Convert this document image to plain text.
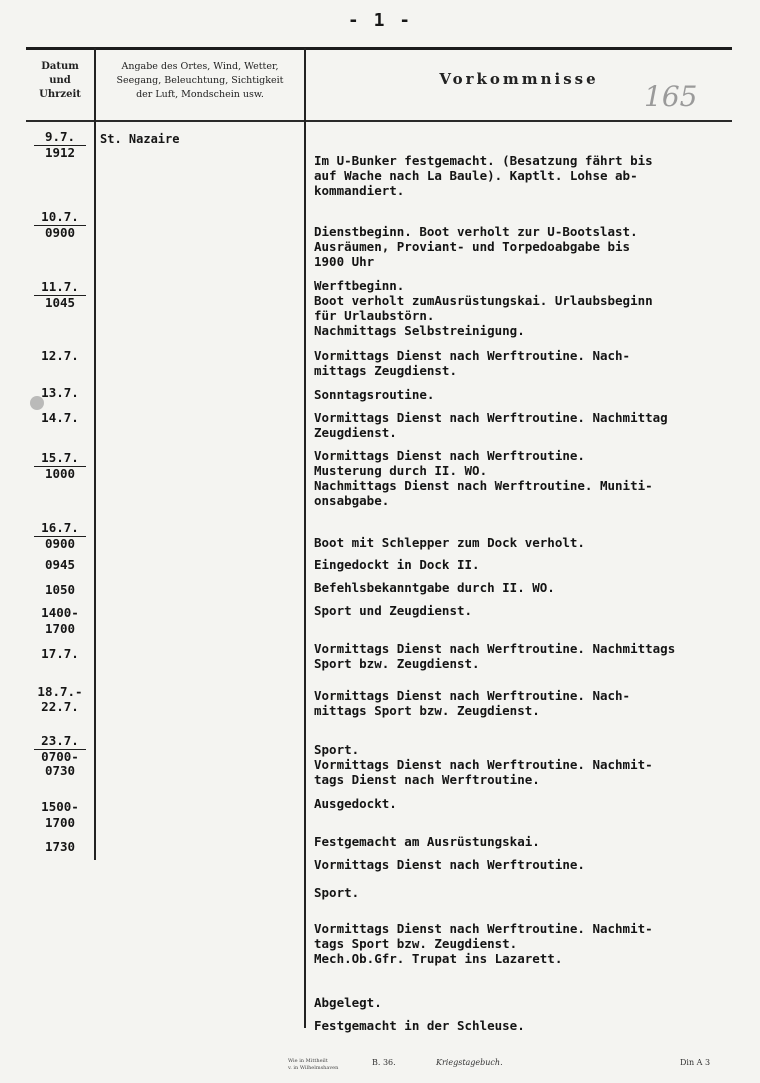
- 1 -
Datum
und
Uhrzeit
Angabe des Ortes, Wind, Wetter,
Seegang, Beleuchtung, Sichtigkeit
der Luft, Mondschein usw.
Vorkommnisse
165
St. Nazaire
9.7.
1912
10.7.
0900
11.7.
1045
12.7.
13.7.
14.7.
15.7.
1000
16.7.
0900
0945
1050
1400-
1700
17.7.
18.7.-
22.7.
23.7.
0700-
0730
1500-
1700
1730
Im U-Bunker festgemacht. (Besatzung fährt bis
auf Wache nach La Baule). Kaptlt. Lohse ab-
kommandiert.
Dienstbeginn. Boot verholt zur U-Bootslast.
Ausräumen, Proviant- und Torpedoabgabe bis
1900 Uhr
Werftbeginn.
Boot verholt zumAusrüstungskai. Urlaubsbeginn
für Urlaubstörn.
Nachmittags Selbstreinigung.
Vormittags Dienst nach Werftroutine. Nach-
mittags Zeugdienst.
Sonntagsroutine.
Vormittags Dienst nach Werftroutine. Nachmittag
Zeugdienst.
Vormittags Dienst nach Werftroutine.
Musterung durch II. WO.
Nachmittags Dienst nach Werftroutine. Muniti-
onsabgabe.
Boot mit Schlepper zum Dock verholt.
Eingedockt in Dock II.
Befehlsbekanntgabe durch II. WO.
Sport und Zeugdienst.
Vormittags Dienst nach Werftroutine. Nachmittags
Sport bzw. Zeugdienst.
Vormittags Dienst nach Werftroutine. Nach-
mittags Sport bzw. Zeugdienst.
Sport.
Vormittags Dienst nach Werftroutine. Nachmit-
tags Dienst nach Werftroutine.
Ausgedockt.
Festgemacht am Ausrüstungskai.
Vormittags Dienst nach Werftroutine.
Sport.
Vormittags Dienst nach Werftroutine. Nachmit-
tags Sport bzw. Zeugdienst.
Mech.Ob.Gfr. Trupat ins Lazarett.
Abgelegt.
Festgemacht in der Schleuse.
Wie in Mittheilt
v. in Wilhelmshaven
B. 36.	Kriegstagebuch.	Din A 3
